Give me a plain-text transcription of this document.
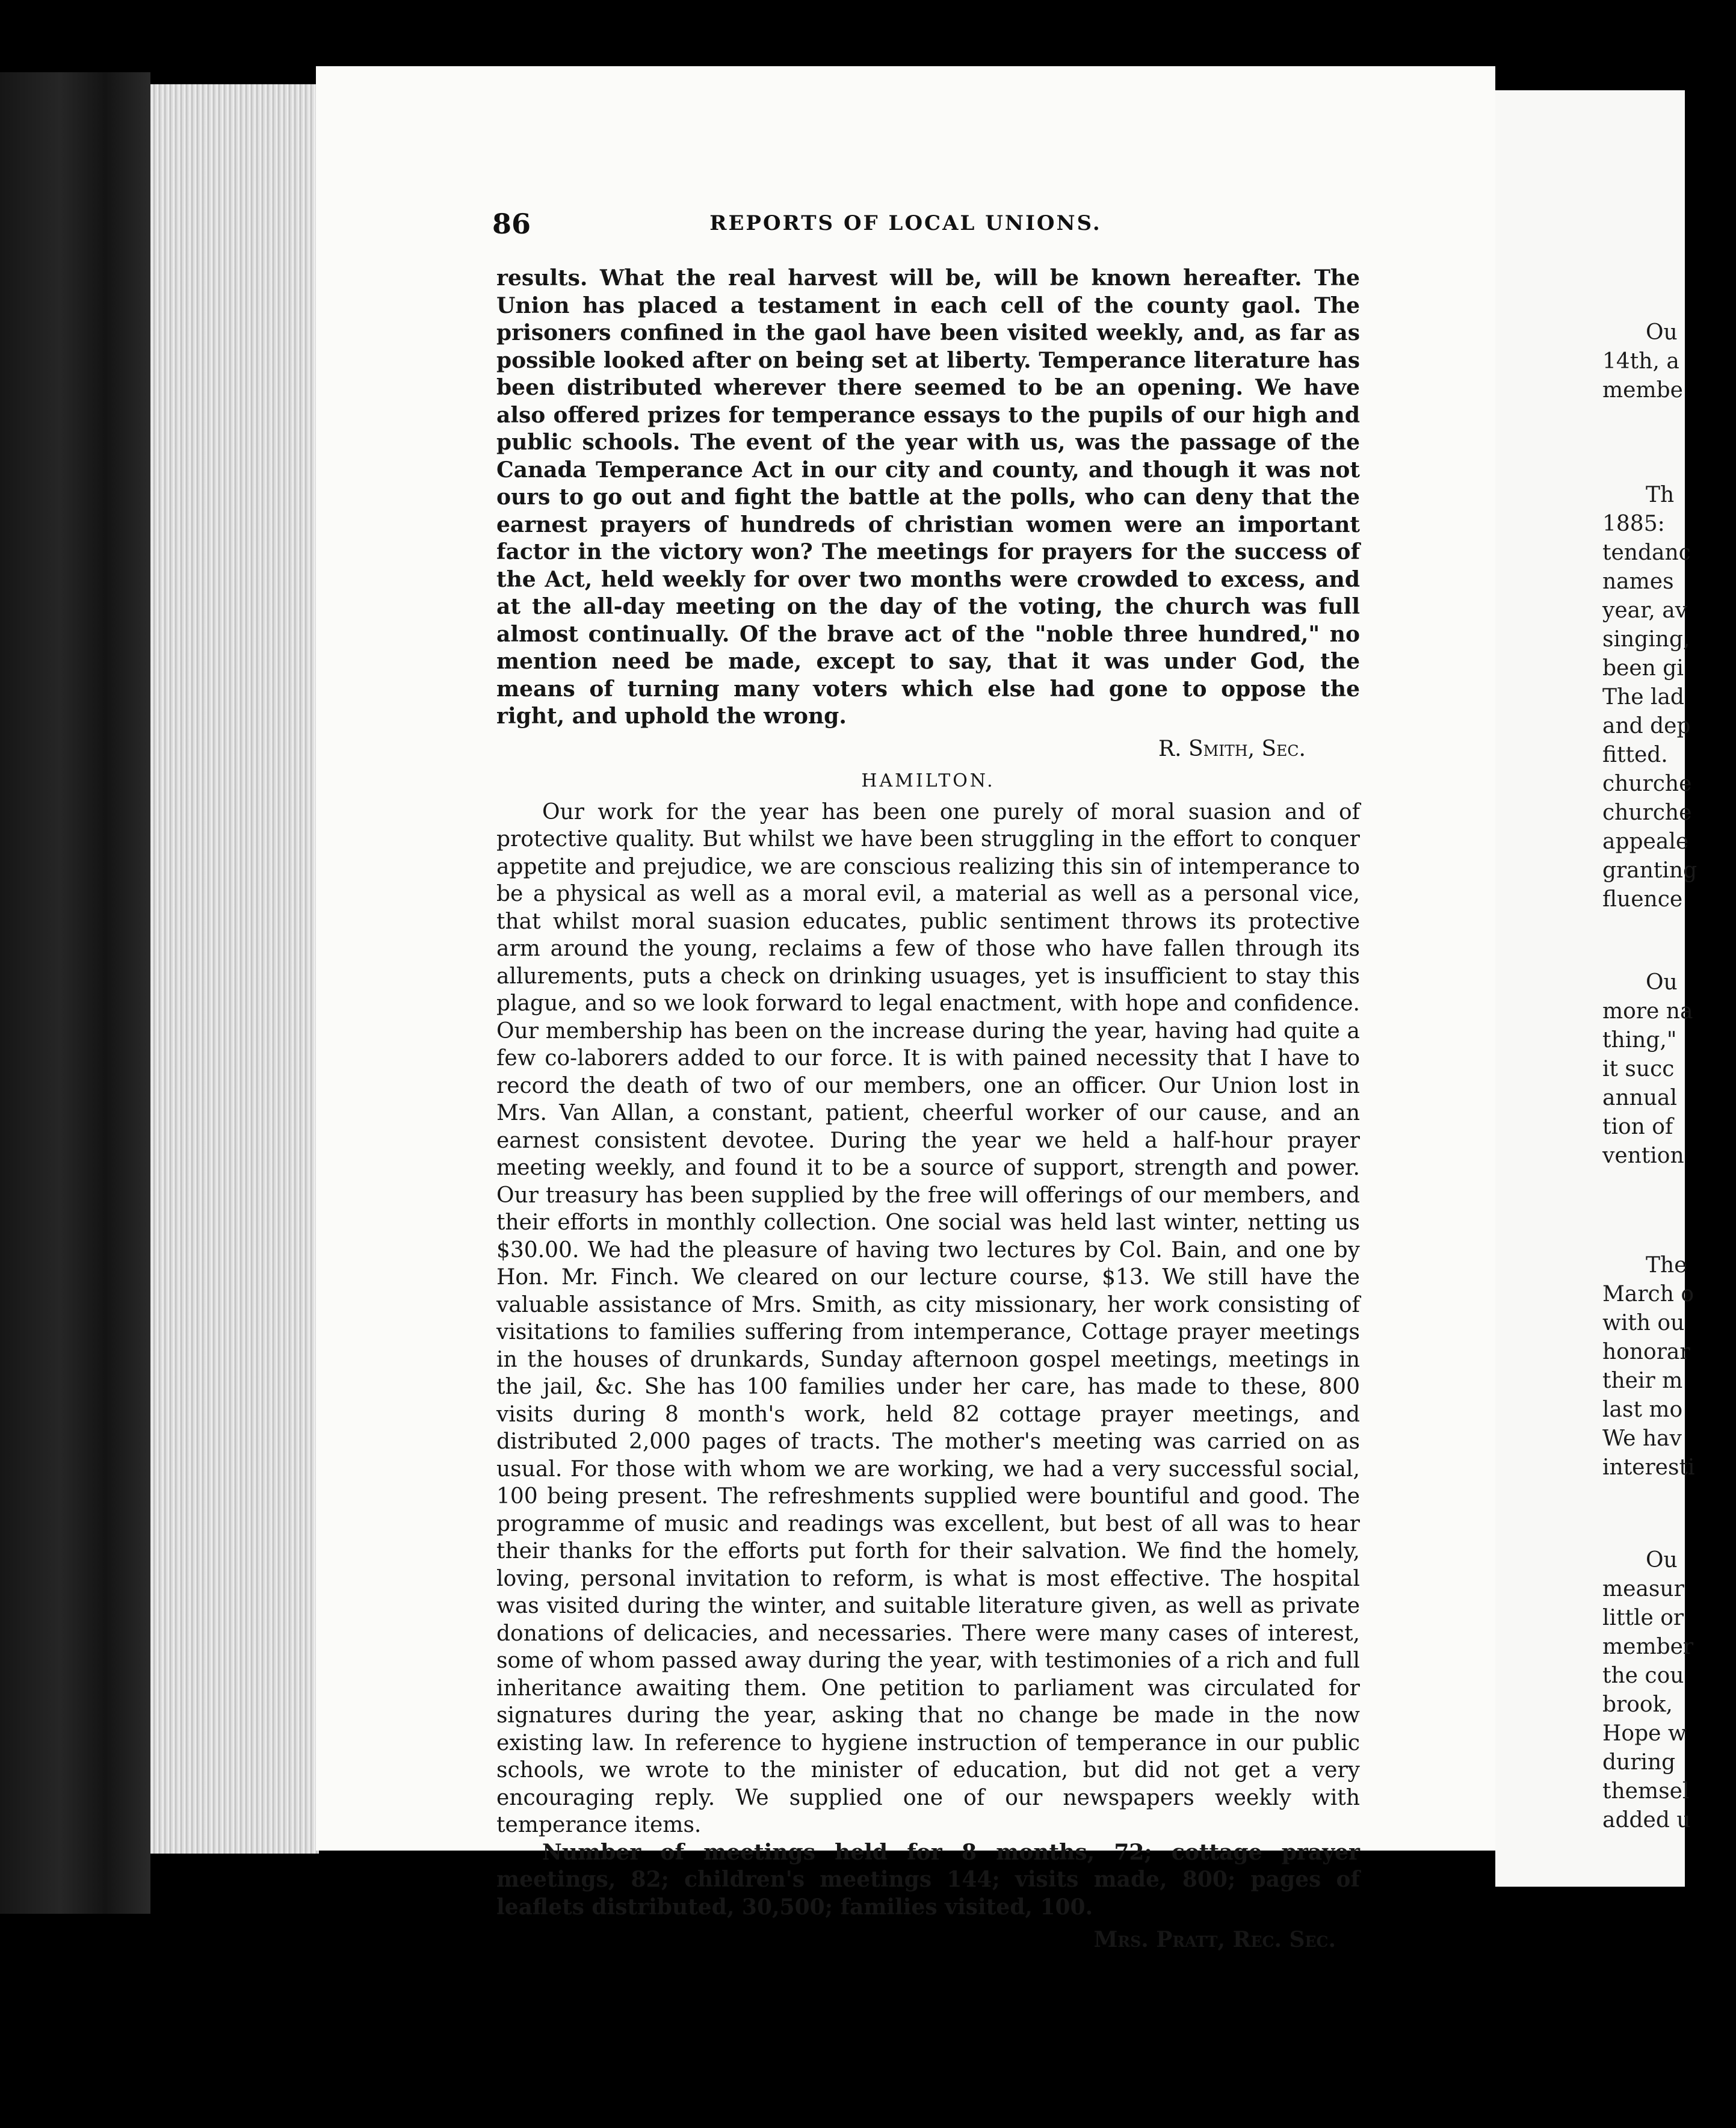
86	REPORTS OF LOCAL UNIONS.

results. What the real harvest will be, will be known hereafter. The Union has placed a testament in each cell of the county gaol. The prisoners confined in the gaol have been visited weekly, and, as far as possible looked after on being set at liberty. Temperance literature has been distributed wherever there seemed to be an opening. We have also offered prizes for temperance essays to the pupils of our high and public schools. The event of the year with us, was the passage of the Canada Temperance Act in our city and county, and though it was not ours to go out and fight the battle at the polls, who can deny that the earnest prayers of hundreds of christian women were an important factor in the victory won? The meetings for prayers for the success of the Act, held weekly for over two months were crowded to excess, and at the all-day meeting on the day of the voting, the church was full almost continually. Of the brave act of the "noble three hundred," no mention need be made, except to say, that it was under God, the means of turning many voters which else had gone to oppose the right, and uphold the wrong.

R. Smith, Sec.
HAMILTON.

Our work for the year has been one purely of moral suasion and of protective quality. But whilst we have been struggling in the effort to conquer appetite and prejudice, we are conscious realizing this sin of intemperance to be a physical as well as a moral evil, a material as well as a personal vice, that whilst moral suasion educates, public sentiment throws its protective arm around the young, reclaims a few of those who have fallen through its allurements, puts a check on drinking usuages, yet is insufficient to stay this plague, and so we look forward to legal enactment, with hope and confidence. Our membership has been on the increase during the year, having had quite a few co-laborers added to our force. It is with pained necessity that I have to record the death of two of our members, one an officer. Our Union lost in Mrs. Van Allan, a constant, patient, cheerful worker of our cause, and an earnest consistent devotee. During the year we held a half-hour prayer meeting weekly, and found it to be a source of support, strength and power. Our treasury has been supplied by the free will offerings of our members, and their efforts in monthly collection. One social was held last winter, netting us $30.00. We had the pleasure of having two lectures by Col. Bain, and one by Hon. Mr. Finch. We cleared on our lecture course, $13. We still have the valuable assistance of Mrs. Smith, as city missionary, her work consisting of visitations to families suffering from intemperance, Cottage prayer meetings in the houses of drunkards, Sunday afternoon gospel meetings, meetings in the jail, &c. She has 100 families under her care, has made to these, 800 visits during 8 month's work, held 82 cottage prayer meetings, and distributed 2,000 pages of tracts. The mother's meeting was carried on as usual. For those with whom we are working, we had a very successful social, 100 being present. The refreshments supplied were bountiful and good. The programme of music and readings was excellent, but best of all was to hear their thanks for the efforts put forth for their salvation. We find the homely, loving, personal invitation to reform, is what is most effective. The hospital was visited during the winter, and suitable literature given, as well as private donations of delicacies, and necessaries. There were many cases of interest, some of whom passed away during the year, with testimonies of a rich and full inheritance awaiting them. One petition to parliament was circulated for signatures during the year, asking that no change be made in the now existing law. In reference to hygiene instruction of temperance in our public schools, we wrote to the minister of education, but did not get a very encouraging reply. We supplied one of our newspapers weekly with temperance items.

Number of meetings held for 8 months, 72; cottage prayer meetings, 82; children's meetings 144; visits made, 800; pages of leaflets distributed, 30,500; families visited, 100.

Mrs. Pratt, Rec. Sec.
Ou
14th, a
membe
Th
1885:
tendanc
names
year, av
singing,
been gi
The lad
and dep
fitted.
churche
churche
appeale
granting
fluence
Ou
more na
thing,"
it succ
annual
tion of
vention
The
March o
with ou
honorar
their m
last mo
We hav
interesti
Ou
measur
little or
member
the cou
brook,
Hope w
during
themsel
added u
